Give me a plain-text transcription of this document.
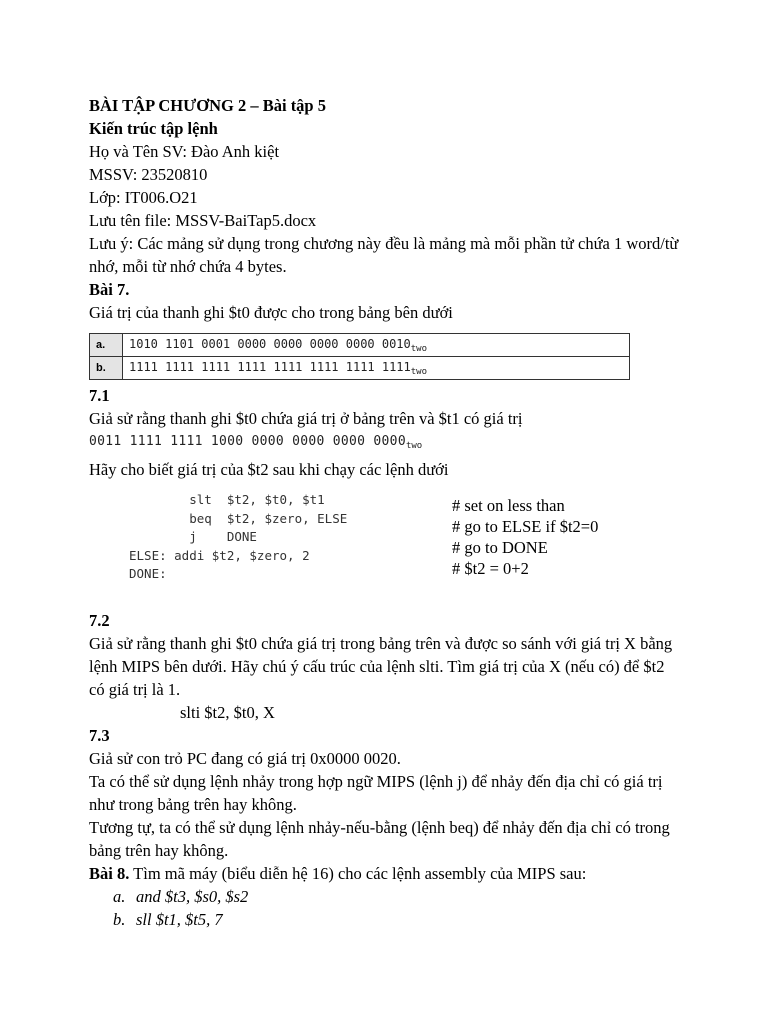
BÀI TẬP CHƯƠNG 2 – Bài tập 5
Kiến trúc tập lệnh
Họ và Tên SV: Đào Anh kiệt
MSSV: 23520810
Lớp: IT006.O21
Lưu tên file: MSSV-BaiTap5.docx
Lưu ý: Các mảng sử dụng trong chương này đều là mảng mà mỗi phần tử chứa 1 word/từ nhớ, mỗi từ nhớ chứa 4 bytes.
Bài 7.
Giá trị của thanh ghi $t0 được cho trong bảng bên dưới
a.	1010 1101 0001 0000 0000 0000 0000 $0010_{two}$
b.	1111 1111 1111 1111 1111 1111 1111 $1111_{two}$
7.1
Giả sử rằng thanh ghi $t0 chứa giá trị ở bảng trên và $t1 có giá trị
0011 1111 1111 1000 0000 0000 0000 $0000_{two}$
Hãy cho biết giá trị của $t2 sau khi chạy các lệnh dưới
slt  $t2, $t0, $t1
beq  $t2, $zero, ELSE
j    DONE
ELSE: addi $t2, $zero, 2
DONE:
# set on less than
# go to ELSE if $t2=0
# go to DONE
# $t2 = 0+2
7.2
Giả sử rằng thanh ghi $t0 chứa giá trị trong bảng trên và được so sánh với giá trị X bằng lệnh MIPS bên dưới. Hãy chú ý cấu trúc của lệnh slti. Tìm giá trị của X (nếu có) để $t2 có giá trị là 1.
slti $t2, $t0, X
7.3
Giả sử con trỏ PC đang có giá trị 0x0000 0020.
Ta có thể sử dụng lệnh nhảy trong hợp ngữ MIPS (lệnh j) để nhảy đến địa chỉ có giá trị như trong bảng trên hay không.
Tương tự, ta có thể sử dụng lệnh nhảy-nếu-bằng (lệnh beq) để nhảy đến địa chỉ có trong bảng trên hay không.
Bài 8. Tìm mã máy (biểu diễn hệ 16) cho các lệnh assembly của MIPS sau:
a. and $t3, $s0, $s2
b. sll $t1, $t5, 7
